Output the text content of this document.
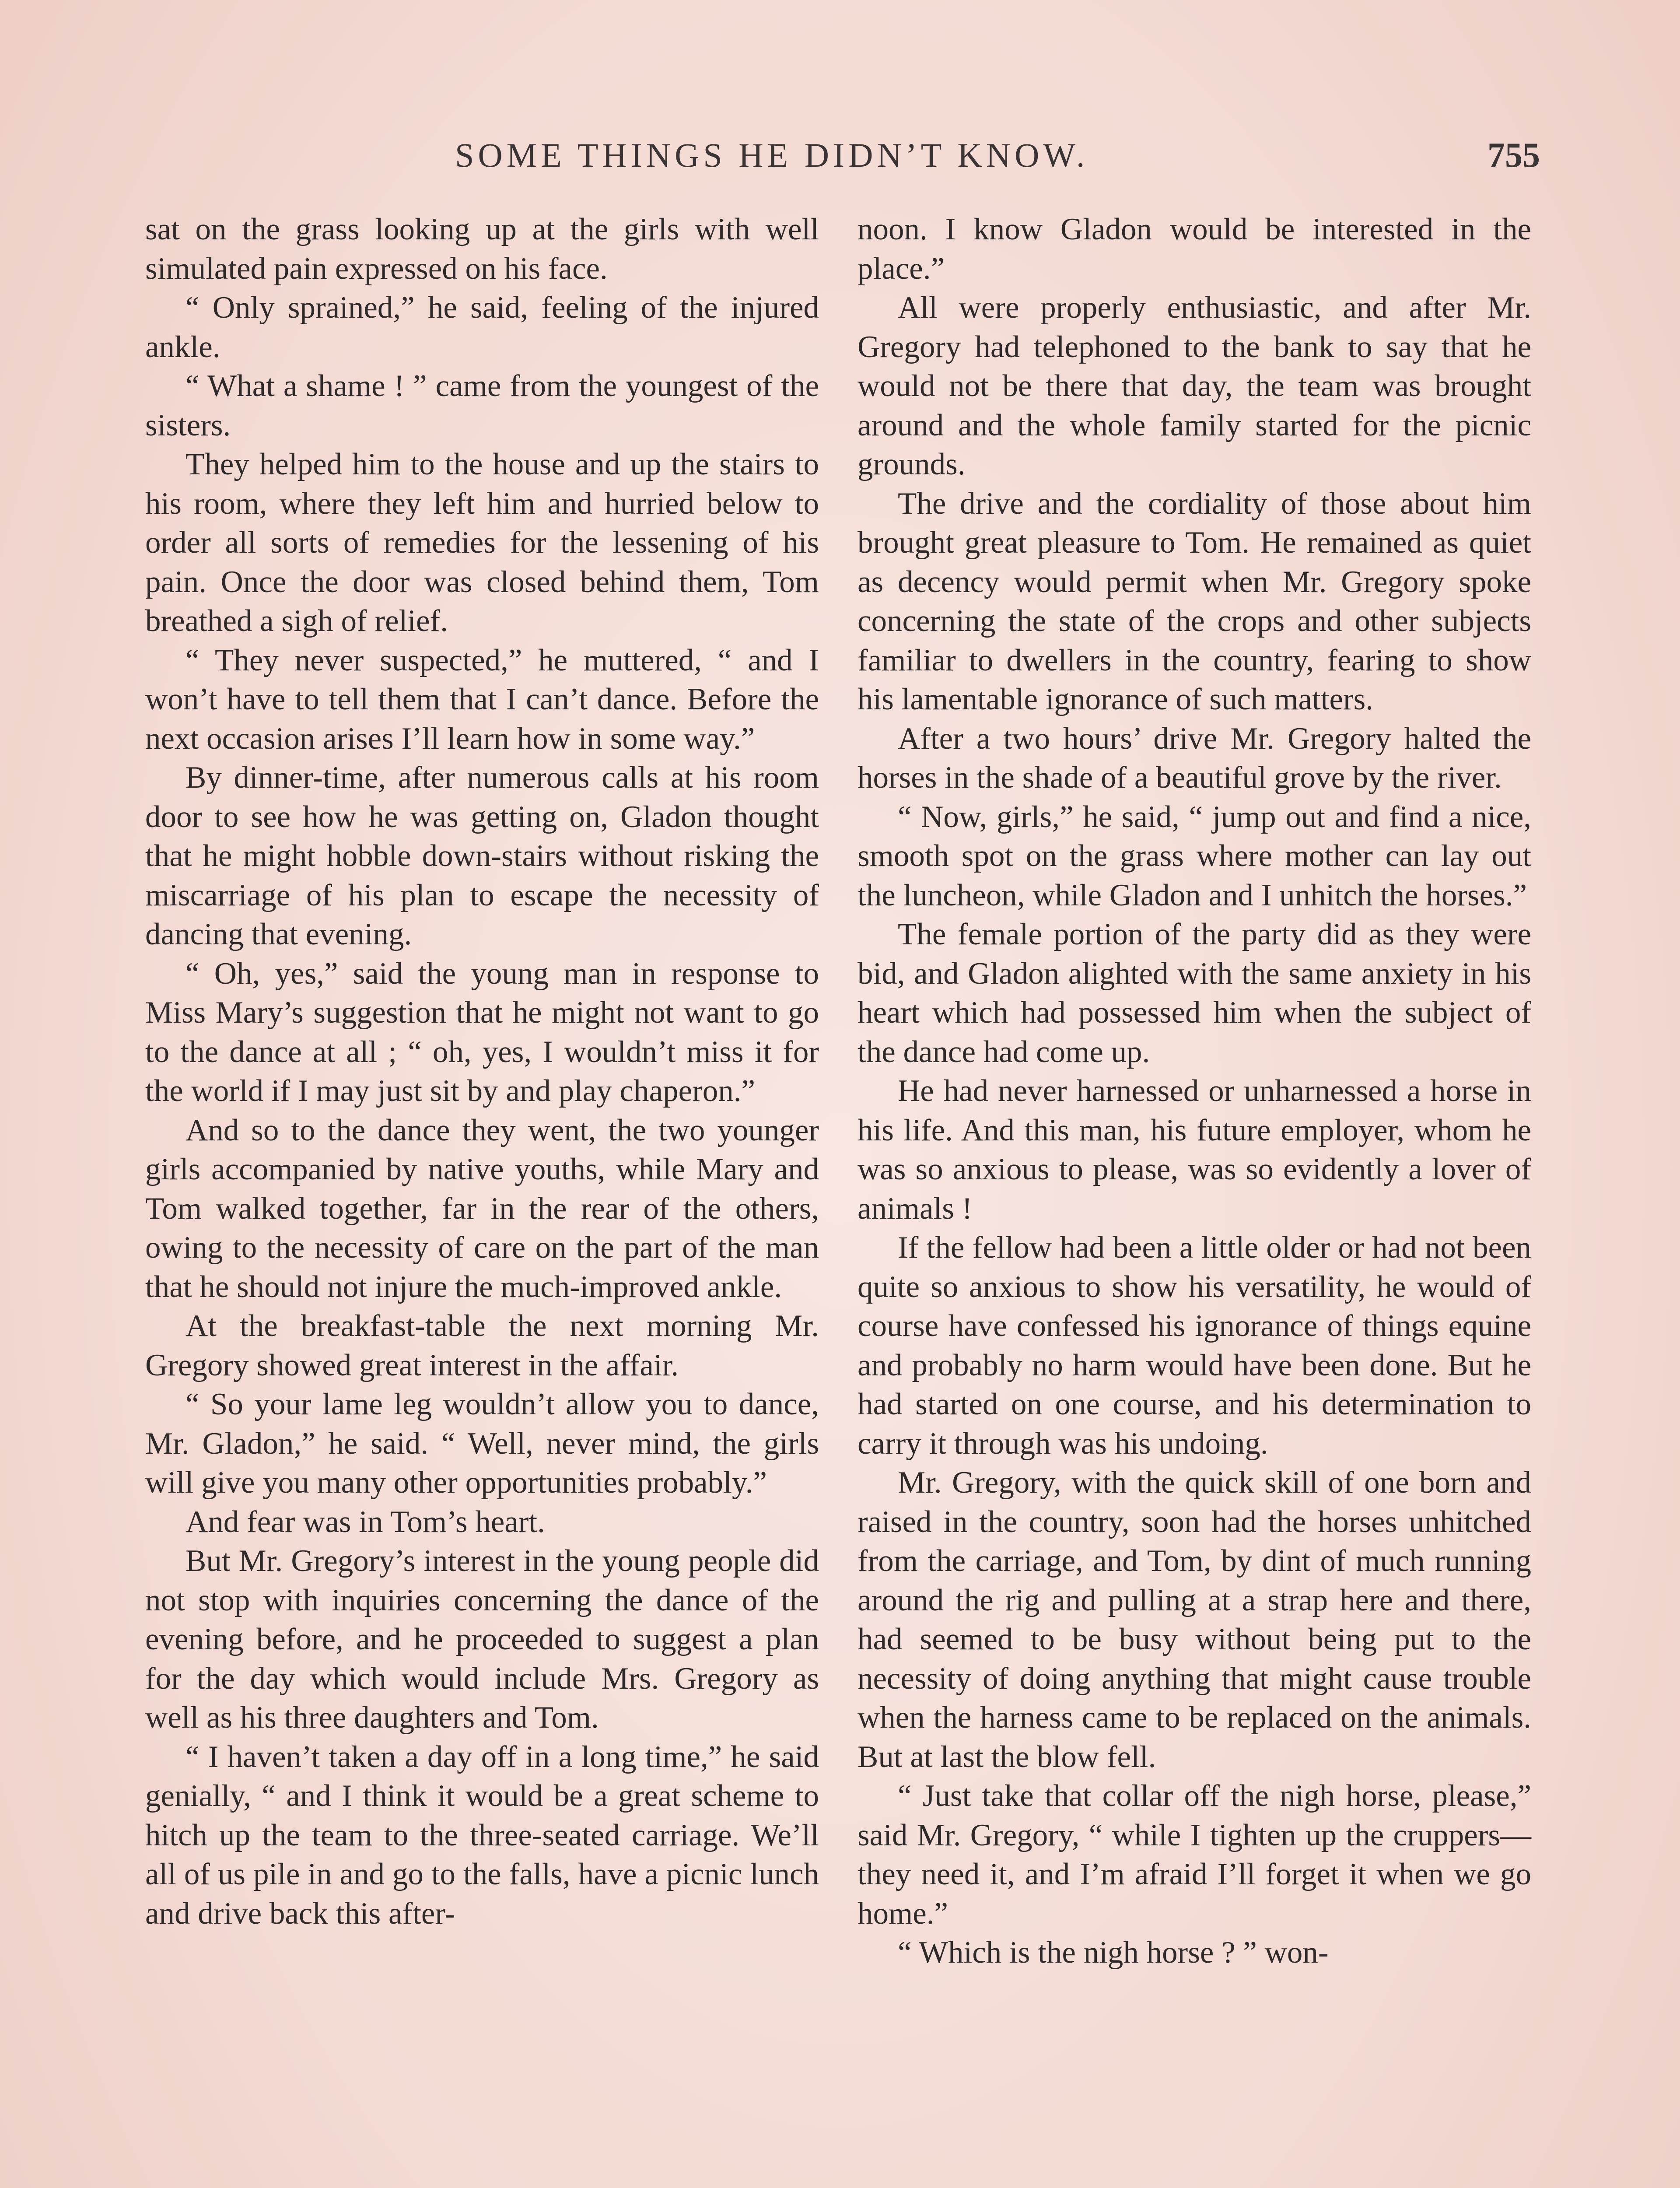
SOME THINGS HE DIDN’T KNOW.	755

sat on the grass looking up at the girls with well simulated pain expressed on his face.

“ Only sprained,” he said, feeling of the injured ankle.

“ What a shame ! ” came from the youngest of the sisters.

They helped him to the house and up the stairs to his room, where they left him and hurried below to order all sorts of remedies for the lessening of his pain. Once the door was closed behind them, Tom breathed a sigh of relief.

“ They never suspected,” he muttered, “ and I won’t have to tell them that I can’t dance. Before the next occasion arises I’ll learn how in some way.”

By dinner-time, after numerous calls at his room door to see how he was getting on, Gladon thought that he might hobble down-stairs without risking the miscarriage of his plan to escape the necessity of dancing that evening.

“ Oh, yes,” said the young man in response to Miss Mary’s suggestion that he might not want to go to the dance at all ; “ oh, yes, I wouldn’t miss it for the world if I may just sit by and play chaperon.”

And so to the dance they went, the two younger girls accompanied by native youths, while Mary and Tom walked together, far in the rear of the others, owing to the necessity of care on the part of the man that he should not injure the much-improved ankle.

At the breakfast-table the next morning Mr. Gregory showed great interest in the affair.

“ So your lame leg wouldn’t allow you to dance, Mr. Gladon,” he said. “ Well, never mind, the girls will give you many other opportunities probably.”

And fear was in Tom’s heart.

But Mr. Gregory’s interest in the young people did not stop with inquiries concerning the dance of the evening before, and he proceeded to suggest a plan for the day which would include Mrs. Gregory as well as his three daughters and Tom.

“ I haven’t taken a day off in a long time,” he said genially, “ and I think it would be a great scheme to hitch up the team to the three-seated carriage. We’ll all of us pile in and go to the falls, have a picnic lunch and drive back this after-

noon. I know Gladon would be interested in the place.”

All were properly enthusiastic, and after Mr. Gregory had telephoned to the bank to say that he would not be there that day, the team was brought around and the whole family started for the picnic grounds.

The drive and the cordiality of those about him brought great pleasure to Tom. He remained as quiet as decency would permit when Mr. Gregory spoke concerning the state of the crops and other subjects familiar to dwellers in the country, fearing to show his lamentable ignorance of such matters.

After a two hours’ drive Mr. Gregory halted the horses in the shade of a beautiful grove by the river.

“ Now, girls,” he said, “ jump out and find a nice, smooth spot on the grass where mother can lay out the luncheon, while Gladon and I unhitch the horses.”

The female portion of the party did as they were bid, and Gladon alighted with the same anxiety in his heart which had possessed him when the subject of the dance had come up.

He had never harnessed or unharnessed a horse in his life. And this man, his future employer, whom he was so anxious to please, was so evidently a lover of animals !

If the fellow had been a little older or had not been quite so anxious to show his versatility, he would of course have confessed his ignorance of things equine and probably no harm would have been done. But he had started on one course, and his determination to carry it through was his undoing.

Mr. Gregory, with the quick skill of one born and raised in the country, soon had the horses unhitched from the carriage, and Tom, by dint of much running around the rig and pulling at a strap here and there, had seemed to be busy without being put to the necessity of doing anything that might cause trouble when the harness came to be replaced on the animals. But at last the blow fell.

“ Just take that collar off the nigh horse, please,” said Mr. Gregory, “ while I tighten up the cruppers—they need it, and I’m afraid I’ll forget it when we go home.”

“ Which is the nigh horse ? ” won-
